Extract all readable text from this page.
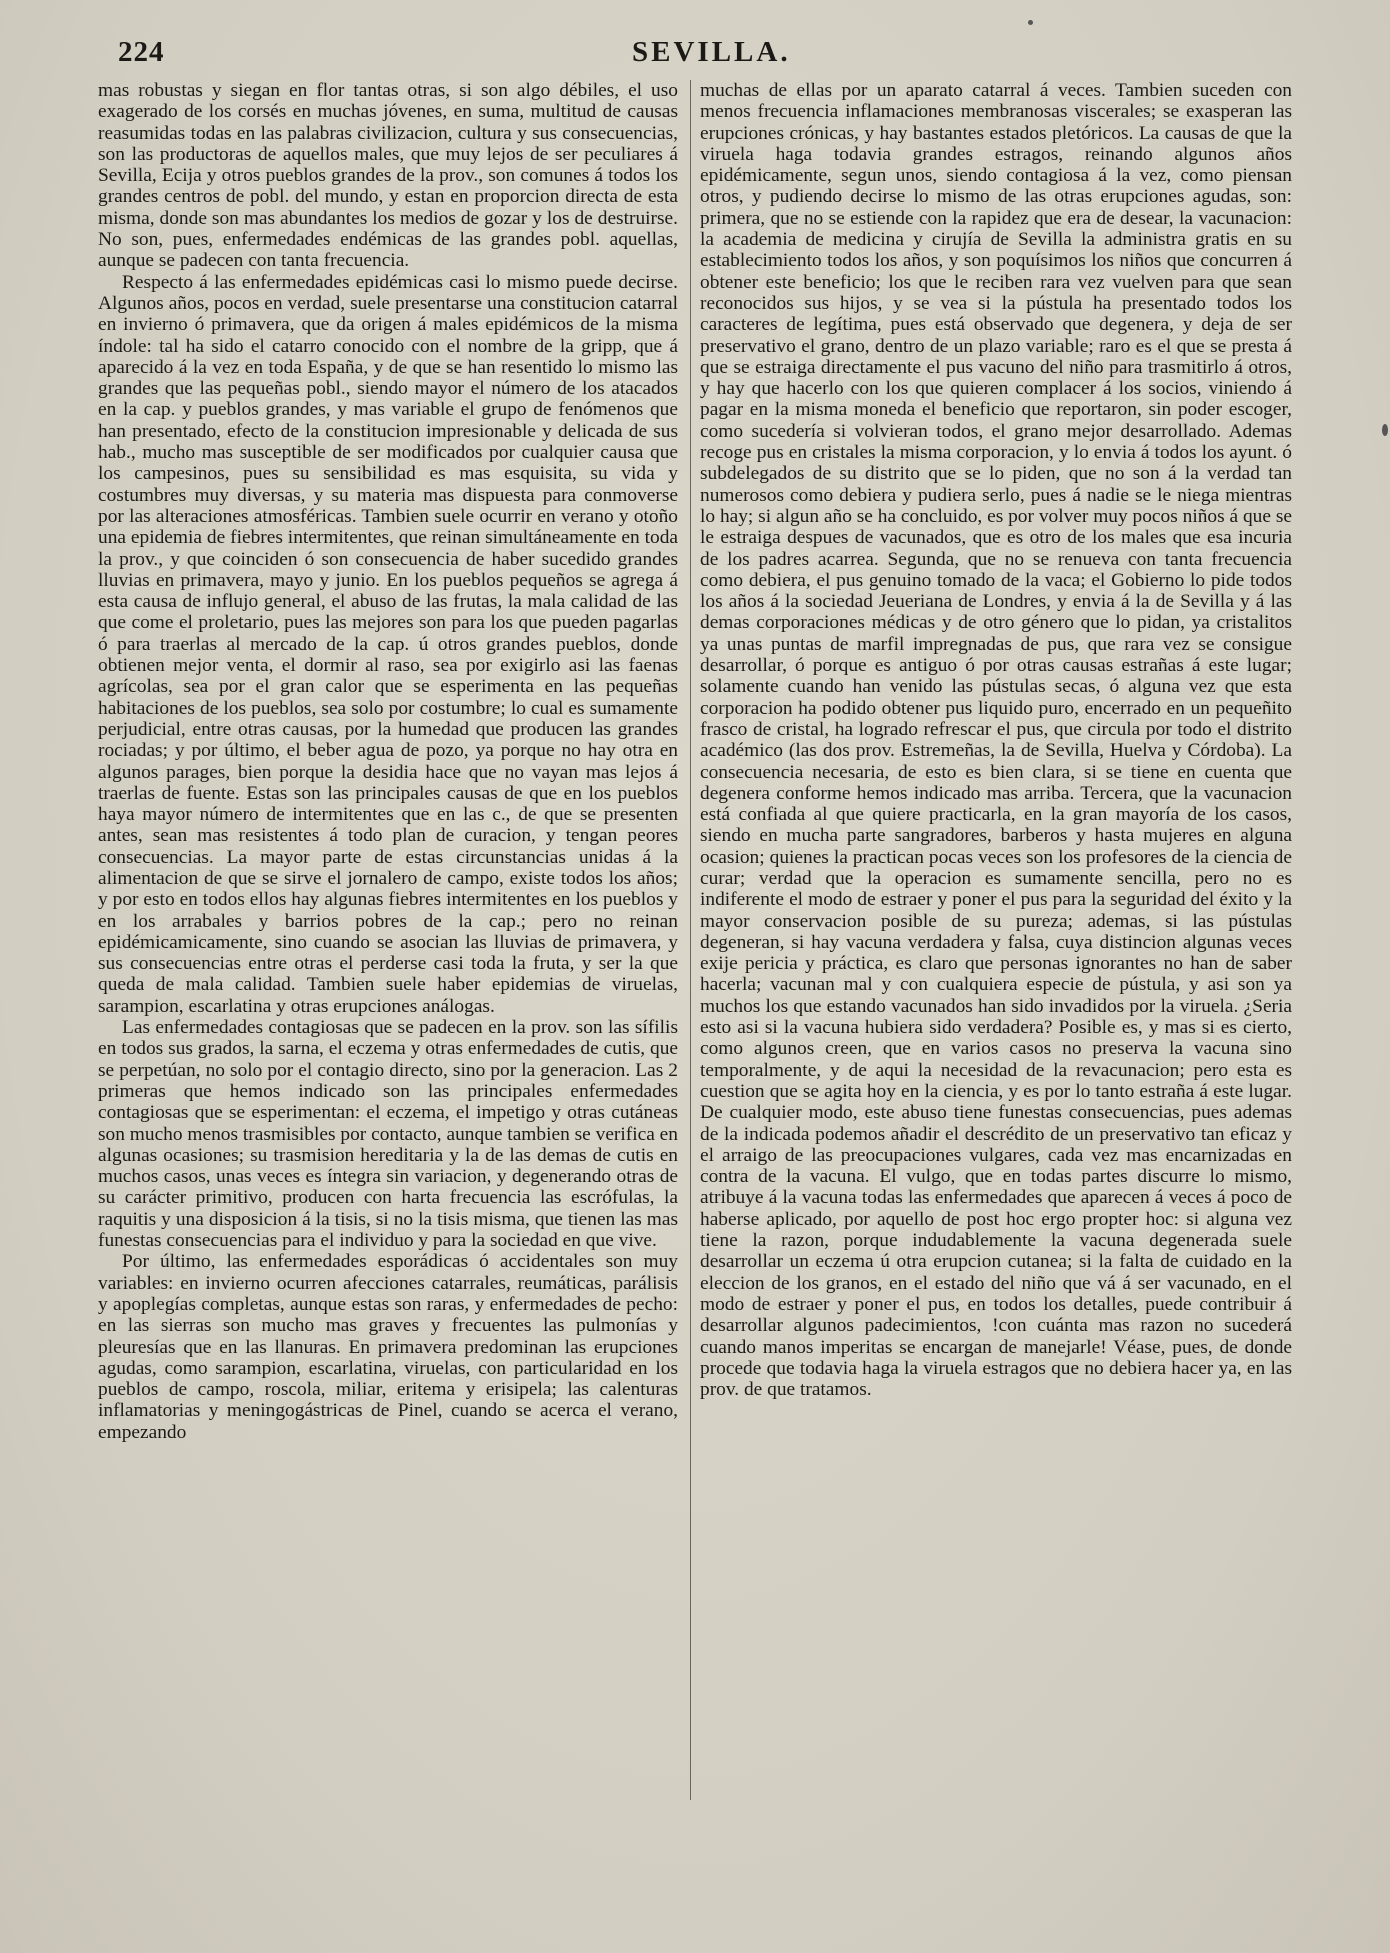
224	SEVILLA.

mas robustas y siegan en flor tantas otras, si son algo débiles, el uso exagerado de los corsés en muchas jóvenes, en suma, multitud de causas reasumidas todas en las palabras civilizacion, cultura y sus consecuencias, son las productoras de aquellos males, que muy lejos de ser peculiares á Sevilla, Ecija y otros pueblos grandes de la prov., son comunes á todos los grandes centros de pobl. del mundo, y estan en proporcion directa de esta misma, donde son mas abundantes los medios de gozar y los de destruirse. No son, pues, enfermedades endémicas de las grandes pobl. aquellas, aunque se padecen con tanta frecuencia.

Respecto á las enfermedades epidémicas casi lo mismo puede decirse. Algunos años, pocos en verdad, suele presentarse una constitucion catarral en invierno ó primavera, que da origen á males epidémicos de la misma índole: tal ha sido el catarro conocido con el nombre de la gripp, que á aparecido á la vez en toda España, y de que se han resentido lo mismo las grandes que las pequeñas pobl., siendo mayor el número de los atacados en la cap. y pueblos grandes, y mas variable el grupo de fenómenos que han presentado, efecto de la constitucion impresionable y delicada de sus hab., mucho mas susceptible de ser modificados por cualquier causa que los campesinos, pues su sensibilidad es mas esquisita, su vida y costumbres muy diversas, y su materia mas dispuesta para conmoverse por las alteraciones atmosféricas. Tambien suele ocurrir en verano y otoño una epidemia de fiebres intermitentes, que reinan simultáneamente en toda la prov., y que coinciden ó son consecuencia de haber sucedido grandes lluvias en primavera, mayo y junio. En los pueblos pequeños se agrega á esta causa de influjo general, el abuso de las frutas, la mala calidad de las que come el proletario, pues las mejores son para los que pueden pagarlas ó para traerlas al mercado de la cap. ú otros grandes pueblos, donde obtienen mejor venta, el dormir al raso, sea por exigirlo asi las faenas agrícolas, sea por el gran calor que se esperimenta en las pequeñas habitaciones de los pueblos, sea solo por costumbre; lo cual es sumamente perjudicial, entre otras causas, por la humedad que producen las grandes rociadas; y por último, el beber agua de pozo, ya porque no hay otra en algunos parages, bien porque la desidia hace que no vayan mas lejos á traerlas de fuente. Estas son las principales causas de que en los pueblos haya mayor número de intermitentes que en las c., de que se presenten antes, sean mas resistentes á todo plan de curacion, y tengan peores consecuencias. La mayor parte de estas circunstancias unidas á la alimentacion de que se sirve el jornalero de campo, existe todos los años; y por esto en todos ellos hay algunas fiebres intermitentes en los pueblos y en los arrabales y barrios pobres de la cap.; pero no reinan epidémicamicamente, sino cuando se asocian las lluvias de primavera, y sus consecuencias entre otras el perderse casi toda la fruta, y ser la que queda de mala calidad. Tambien suele haber epidemias de viruelas, sarampion, escarlatina y otras erupciones análogas.

Las enfermedades contagiosas que se padecen en la prov. son las sífilis en todos sus grados, la sarna, el eczema y otras enfermedades de cutis, que se perpetúan, no solo por el contagio directo, sino por la generacion. Las 2 primeras que hemos indicado son las principales enfermedades contagiosas que se esperimentan: el eczema, el impetigo y otras cutáneas son mucho menos trasmisibles por contacto, aunque tambien se verifica en algunas ocasiones; su trasmision hereditaria y la de las demas de cutis en muchos casos, unas veces es íntegra sin variacion, y degenerando otras de su carácter primitivo, producen con harta frecuencia las escrófulas, la raquitis y una disposicion á la tisis, si no la tisis misma, que tienen las mas funestas consecuencias para el individuo y para la sociedad en que vive.

Por último, las enfermedades esporádicas ó accidentales son muy variables: en invierno ocurren afecciones catarrales, reumáticas, parálisis y apoplegías completas, aunque estas son raras, y enfermedades de pecho: en las sierras son mucho mas graves y frecuentes las pulmonías y pleuresías que en las llanuras. En primavera predominan las erupciones agudas, como sarampion, escarlatina, viruelas, con particularidad en los pueblos de campo, roscola, miliar, eritema y erisipela; las calenturas inflamatorias y meningogástricas de Pinel, cuando se acerca el verano, empezando

muchas de ellas por un aparato catarral á veces. Tambien suceden con menos frecuencia inflamaciones membranosas viscerales; se exasperan las erupciones crónicas, y hay bastantes estados pletóricos. La causas de que la viruela haga todavia grandes estragos, reinando algunos años epidémicamente, segun unos, siendo contagiosa á la vez, como piensan otros, y pudiendo decirse lo mismo de las otras erupciones agudas, son: primera, que no se estiende con la rapidez que era de desear, la vacunacion: la academia de medicina y cirujía de Sevilla la administra gratis en su establecimiento todos los años, y son poquísimos los niños que concurren á obtener este beneficio; los que le reciben rara vez vuelven para que sean reconocidos sus hijos, y se vea si la pústula ha presentado todos los caracteres de legítima, pues está observado que degenera, y deja de ser preservativo el grano, dentro de un plazo variable; raro es el que se presta á que se estraiga directamente el pus vacuno del niño para trasmitirlo á otros, y hay que hacerlo con los que quieren complacer á los socios, viniendo á pagar en la misma moneda el beneficio que reportaron, sin poder escoger, como sucedería si volvieran todos, el grano mejor desarrollado. Ademas recoge pus en cristales la misma corporacion, y lo envia á todos los ayunt. ó subdelegados de su distrito que se lo piden, que no son á la verdad tan numerosos como debiera y pudiera serlo, pues á nadie se le niega mientras lo hay; si algun año se ha concluido, es por volver muy pocos niños á que se le estraiga despues de vacunados, que es otro de los males que esa incuria de los padres acarrea. Segunda, que no se renueva con tanta frecuencia como debiera, el pus genuino tomado de la vaca; el Gobierno lo pide todos los años á la sociedad Jeueriana de Londres, y envia á la de Sevilla y á las demas corporaciones médicas y de otro género que lo pidan, ya cristalitos ya unas puntas de marfil impregnadas de pus, que rara vez se consigue desarrollar, ó porque es antiguo ó por otras causas estrañas á este lugar; solamente cuando han venido las pústulas secas, ó alguna vez que esta corporacion ha podido obtener pus liquido puro, encerrado en un pequeñito frasco de cristal, ha logrado refrescar el pus, que circula por todo el distrito académico (las dos prov. Estremeñas, la de Sevilla, Huelva y Córdoba). La consecuencia necesaria, de esto es bien clara, si se tiene en cuenta que degenera conforme hemos indicado mas arriba. Tercera, que la vacunacion está confiada al que quiere practicarla, en la gran mayoría de los casos, siendo en mucha parte sangradores, barberos y hasta mujeres en alguna ocasion; quienes la practican pocas veces son los profesores de la ciencia de curar; verdad que la operacion es sumamente sencilla, pero no es indiferente el modo de estraer y poner el pus para la seguridad del éxito y la mayor conservacion posible de su pureza; ademas, si las pústulas degeneran, si hay vacuna verdadera y falsa, cuya distincion algunas veces exije pericia y práctica, es claro que personas ignorantes no han de saber hacerla; vacunan mal y con cualquiera especie de pústula, y asi son ya muchos los que estando vacunados han sido invadidos por la viruela. ¿Seria esto asi si la vacuna hubiera sido verdadera? Posible es, y mas si es cierto, como algunos creen, que en varios casos no preserva la vacuna sino temporalmente, y de aqui la necesidad de la revacunacion; pero esta es cuestion que se agita hoy en la ciencia, y es por lo tanto estraña á este lugar. De cualquier modo, este abuso tiene funestas consecuencias, pues ademas de la indicada podemos añadir el descrédito de un preservativo tan eficaz y el arraigo de las preocupaciones vulgares, cada vez mas encarnizadas en contra de la vacuna. El vulgo, que en todas partes discurre lo mismo, atribuye á la vacuna todas las enfermedades que aparecen á veces á poco de haberse aplicado, por aquello de post hoc ergo propter hoc: si alguna vez tiene la razon, porque indudablemente la vacuna degenerada suele desarrollar un eczema ú otra erupcion cutanea; si la falta de cuidado en la eleccion de los granos, en el estado del niño que vá á ser vacunado, en el modo de estraer y poner el pus, en todos los detalles, puede contribuir á desarrollar algunos padecimientos, !con cuánta mas razon no sucederá cuando manos imperitas se encargan de manejarle! Véase, pues, de donde procede que todavia haga la viruela estragos que no debiera hacer ya, en las prov. de que tratamos.
